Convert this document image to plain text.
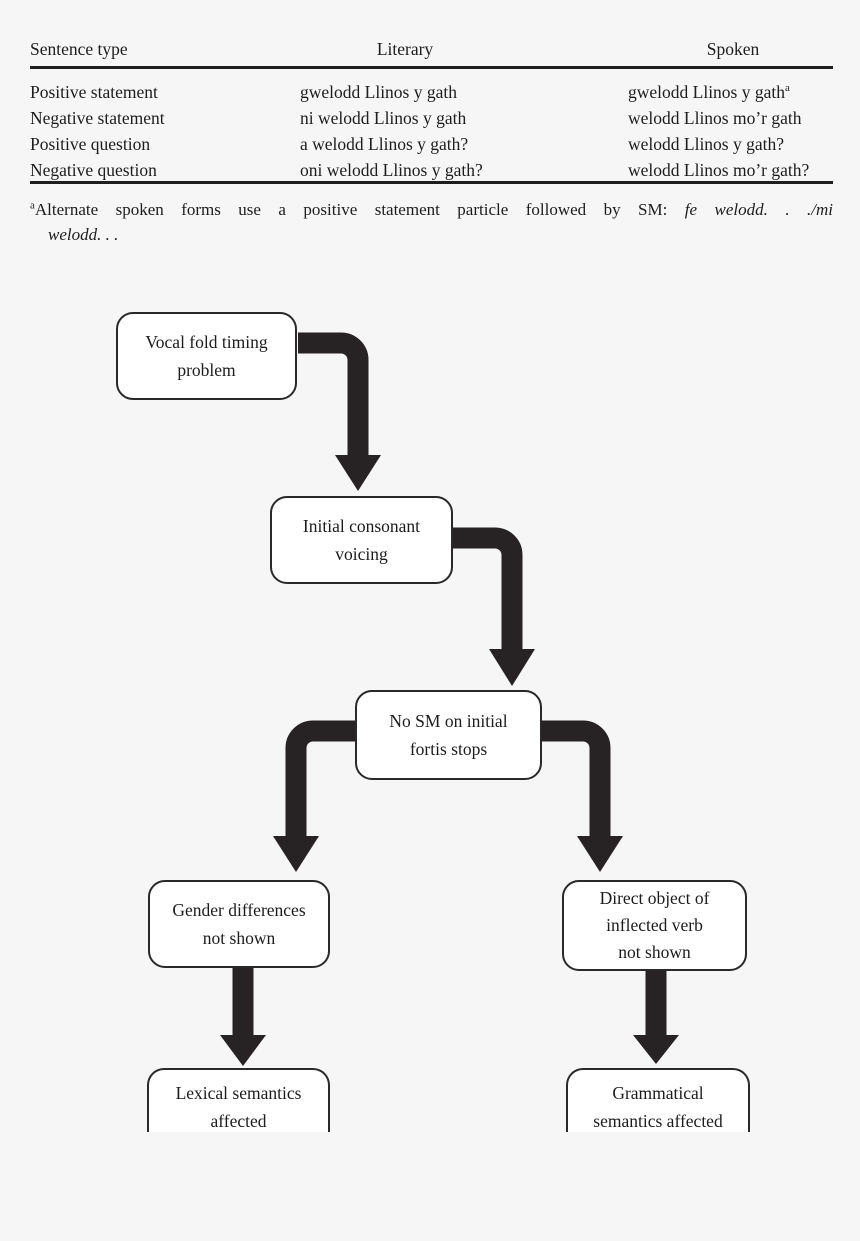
Sentence type	Literary	Spoken
Positive statement	gwelodd Llinos y gath	gwelodd Llinos y gath$^a$
Negative statement	ni welodd Llinos y gath	welodd Llinos mo’r gath
Positive question	a welodd Llinos y gath?	welodd Llinos y gath?
Negative question	oni welodd Llinos y gath?	welodd Llinos mo’r gath?
$^a$Alternate spoken forms use a positive statement particle followed by SM: fe welodd. . ./mi
welodd. . .
Vocal fold timing
problem
Initial consonant
voicing
No SM on initial
fortis stops
Gender differences
not shown
Direct object of
inflected verb
not shown
Lexical semantics
affected
Grammatical
semantics affected
